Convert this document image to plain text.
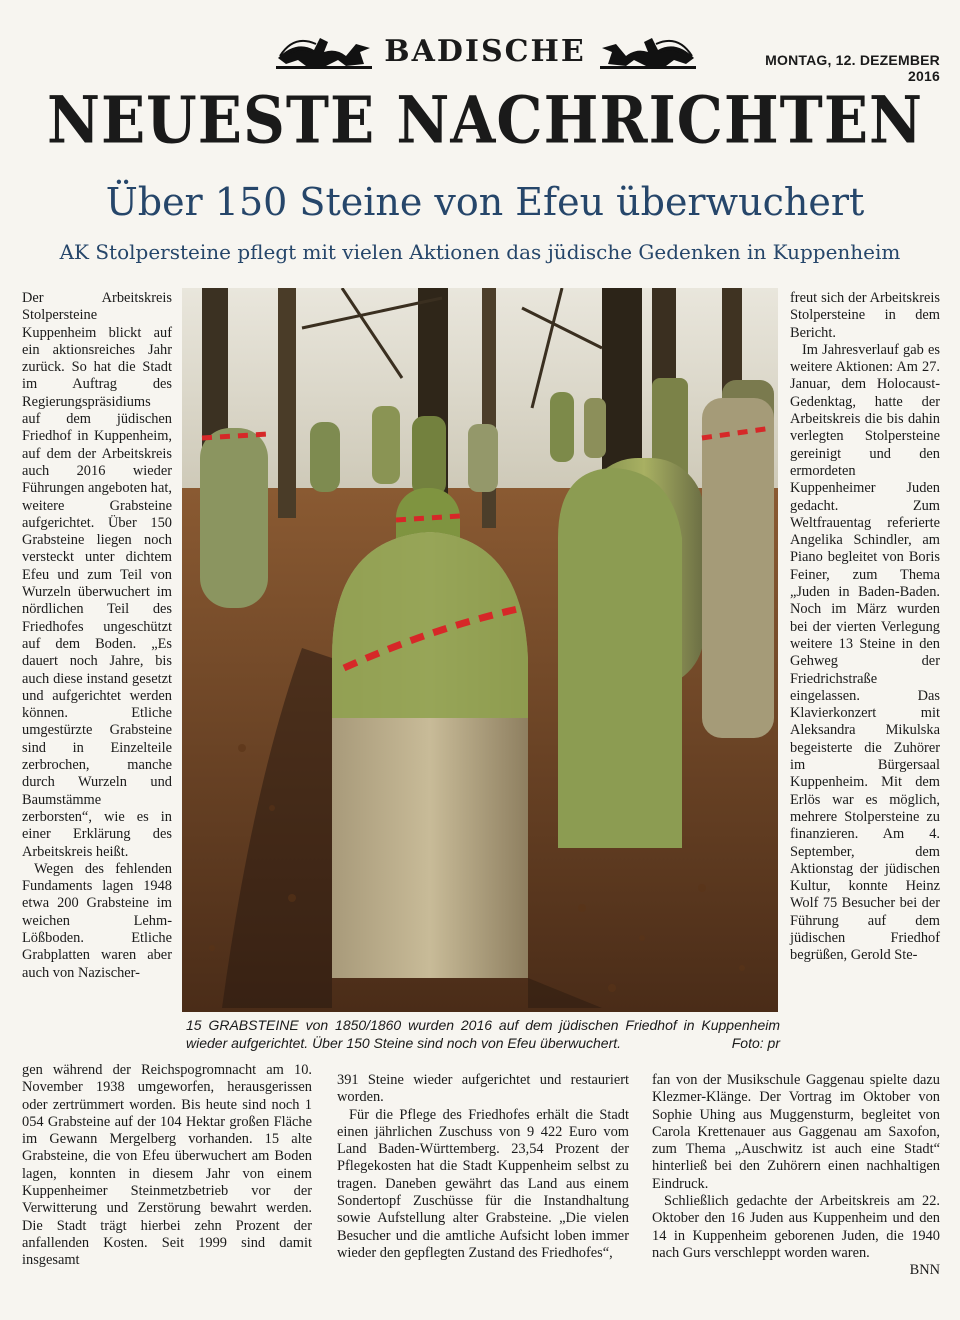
BADISCHE	MONTAG, 12. DEZEMBER 2016
NEUESTE NACHRICHTEN
Über 150 Steine von Efeu überwuchert
AK Stolpersteine pflegt mit vielen Aktionen das jüdische Gedenken in Kuppenheim

Der Arbeitskreis Stolpersteine Kuppenheim blickt auf ein aktionsreiches Jahr zurück. So hat die Stadt im Auftrag des Regierungspräsidiums auf dem jüdischen Friedhof in Kuppenheim, auf dem der Arbeitskreis auch 2016 wieder Führungen angeboten hat, weitere Grabsteine aufgerichtet. Über 150 Grabsteine liegen noch versteckt unter dichtem Efeu und zum Teil von Wurzeln überwuchert im nördlichen Teil des Friedhofes ungeschützt auf dem Boden. „Es dauert noch Jahre, bis auch diese instand gesetzt und aufgerichtet werden können. Etliche umgestürzte Grabsteine sind in Einzelteile zerbrochen, manche durch Wurzeln und Baumstämme zerborsten“, wie es in einer Erklärung des Arbeitskreis heißt.

Wegen des fehlenden Fundaments lagen 1948 etwa 200 Grabsteine im weichen Lehm-Lößboden. Etliche Grabplatten waren aber auch von Nazischer-

15 GRABSTEINE von 1850/1860 wurden 2016 auf dem jüdischen Friedhof in Kuppenheim wieder aufgerichtet. Über 150 Steine sind noch von Efeu überwuchert.	Foto: pr

freut sich der Arbeitskreis Stolpersteine in dem Bericht.

Im Jahresverlauf gab es weitere Aktionen: Am 27. Januar, dem Holocaust-Gedenktag, hatte der Arbeitskreis die bis dahin verlegten Stolpersteine gereinigt und den ermordeten Kuppenheimer Juden gedacht. Zum Weltfrauentag referierte Angelika Schindler, am Piano begleitet von Boris Feiner, zum Thema „Juden in Baden-Baden. Noch im März wurden bei der vierten Verlegung weitere 13 Steine in den Gehweg der Friedrichstraße eingelassen. Das Klavierkonzert mit Aleksandra Mikulska begeisterte die Zuhörer im Bürgersaal Kuppenheim. Mit dem Erlös war es möglich, mehrere Stolpersteine zu finanzieren. Am 4. September, dem Aktionstag der jüdischen Kultur, konnte Heinz Wolf 75 Besucher bei der Führung auf dem jüdischen Friedhof begrüßen, Gerold Ste-

gen während der Reichspogromnacht am 10. November 1938 umgeworfen, herausgerissen oder zertrümmert worden. Bis heute sind noch 1 054 Grabsteine auf der 104 Hektar großen Fläche im Gewann Mergelberg vorhanden. 15 alte Grabsteine, die von Efeu überwuchert am Boden lagen, konnten in diesem Jahr von einem Kuppenheimer Steinmetzbetrieb vor der Verwitterung und Zerstörung bewahrt werden. Die Stadt trägt hierbei zehn Prozent der anfallenden Kosten. Seit 1999 sind damit insgesamt

391 Steine wieder aufgerichtet und restauriert worden.

Für die Pflege des Friedhofes erhält die Stadt einen jährlichen Zuschuss von 9 422 Euro vom Land Baden-Württemberg. 23,54 Prozent der Pflegekosten hat die Stadt Kuppenheim selbst zu tragen. Daneben gewährt das Land aus einem Sondertopf Zuschüsse für die Instandhaltung sowie Aufstellung alter Grabsteine. „Die vielen Besucher und die amtliche Aufsicht loben immer wieder den gepflegten Zustand des Friedhofes“,

fan von der Musikschule Gaggenau spielte dazu Klezmer-Klänge. Der Vortrag im Oktober von Sophie Uhing aus Muggensturm, begleitet von Carola Krettenauer aus Gaggenau am Saxofon, zum Thema „Auschwitz ist auch eine Stadt“ hinterließ bei den Zuhörern einen nachhaltigen Eindruck.

Schließlich gedachte der Arbeitskreis am 22. Oktober den 16 Juden aus Kuppenheim und den 14 in Kuppenheim geborenen Juden, die 1940 nach Gurs verschleppt worden waren.

BNN
